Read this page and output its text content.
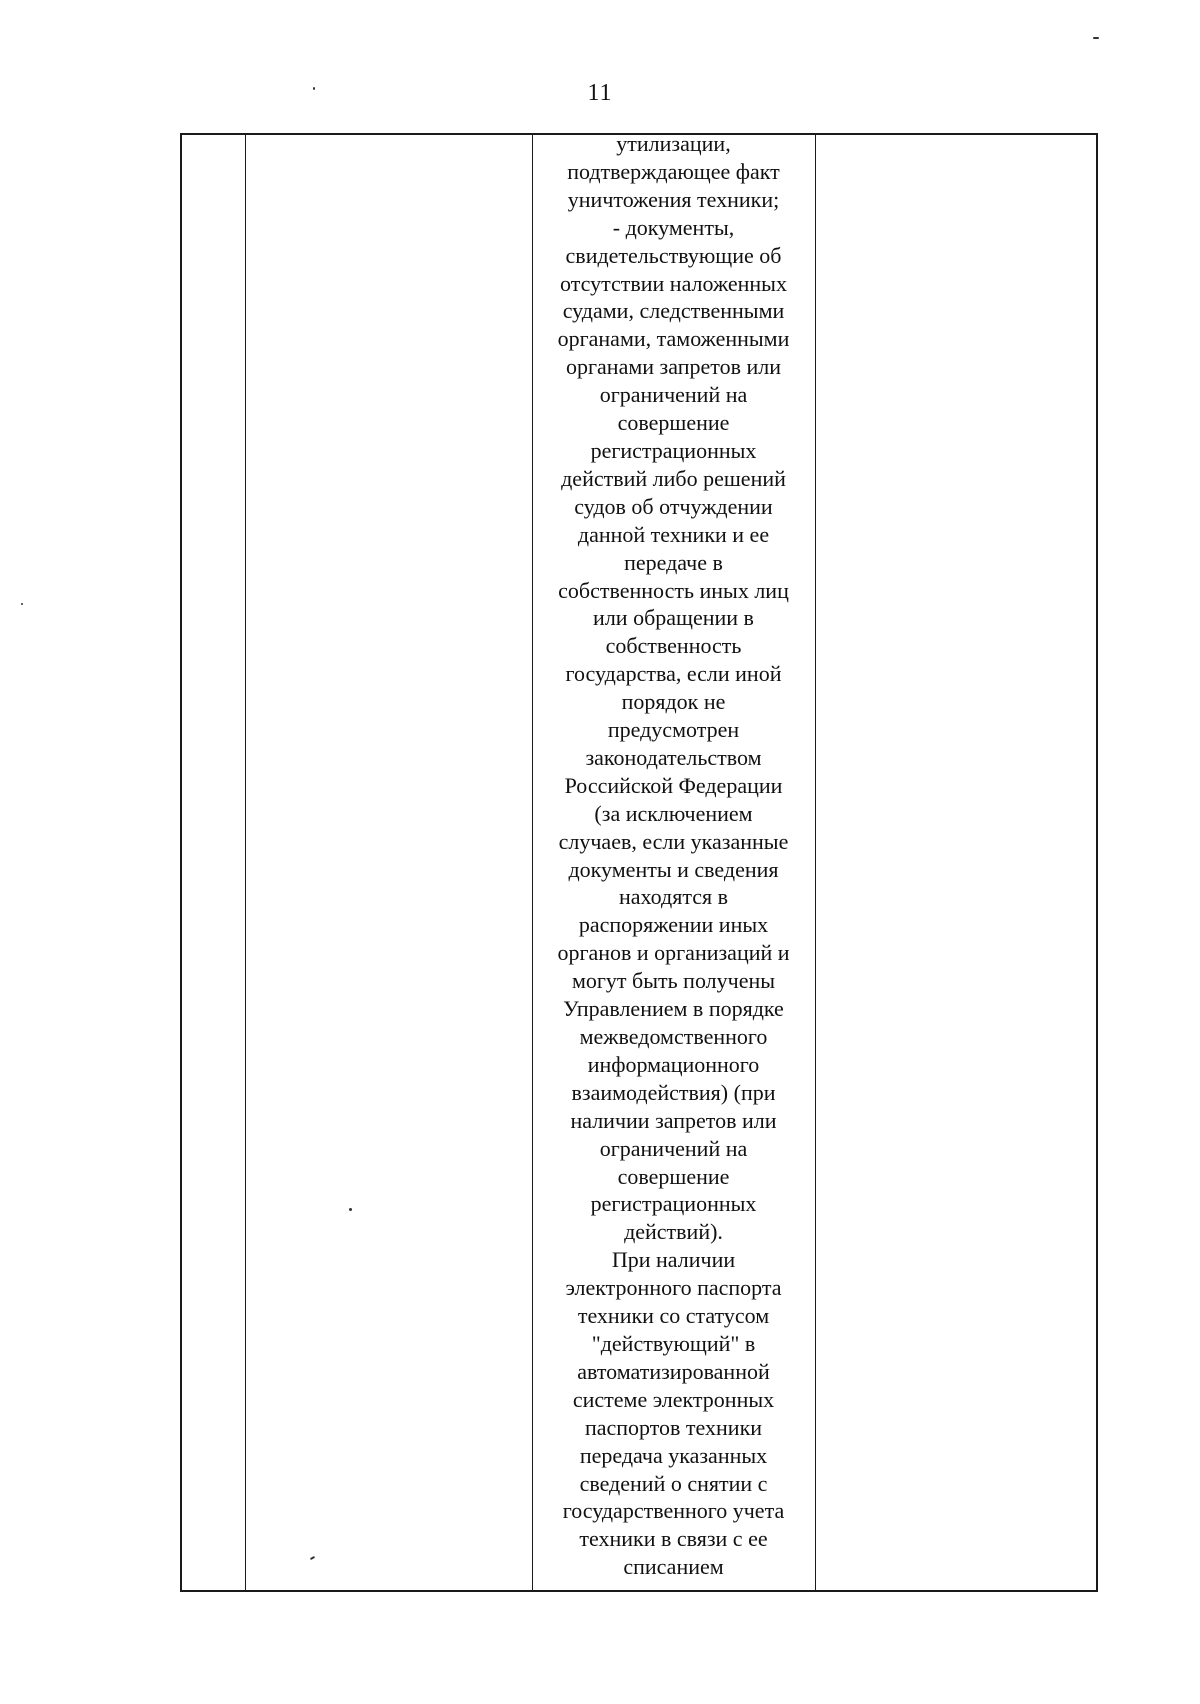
11
утилизации,
подтверждающее факт
уничтожения техники;
- документы,
свидетельствующие об
отсутствии наложенных
судами, следственными
органами, таможенными
органами запретов или
ограничений на
совершение
регистрационных
действий либо решений
судов об отчуждении
данной техники и ее
передаче в
собственность иных лиц
или обращении в
собственность
государства, если иной
порядок не
предусмотрен
законодательством
Российской Федерации
(за исключением
случаев, если указанные
документы и сведения
находятся в
распоряжении иных
органов и организаций и
могут быть получены
Управлением в порядке
межведомственного
информационного
взаимодействия) (при
наличии запретов или
ограничений на
совершение
регистрационных
действий).
При наличии
электронного паспорта
техники со статусом
"действующий" в
автоматизированной
системе электронных
паспортов техники
передача указанных
сведений о снятии с
государственного учета
техники в связи с ее
списанием
